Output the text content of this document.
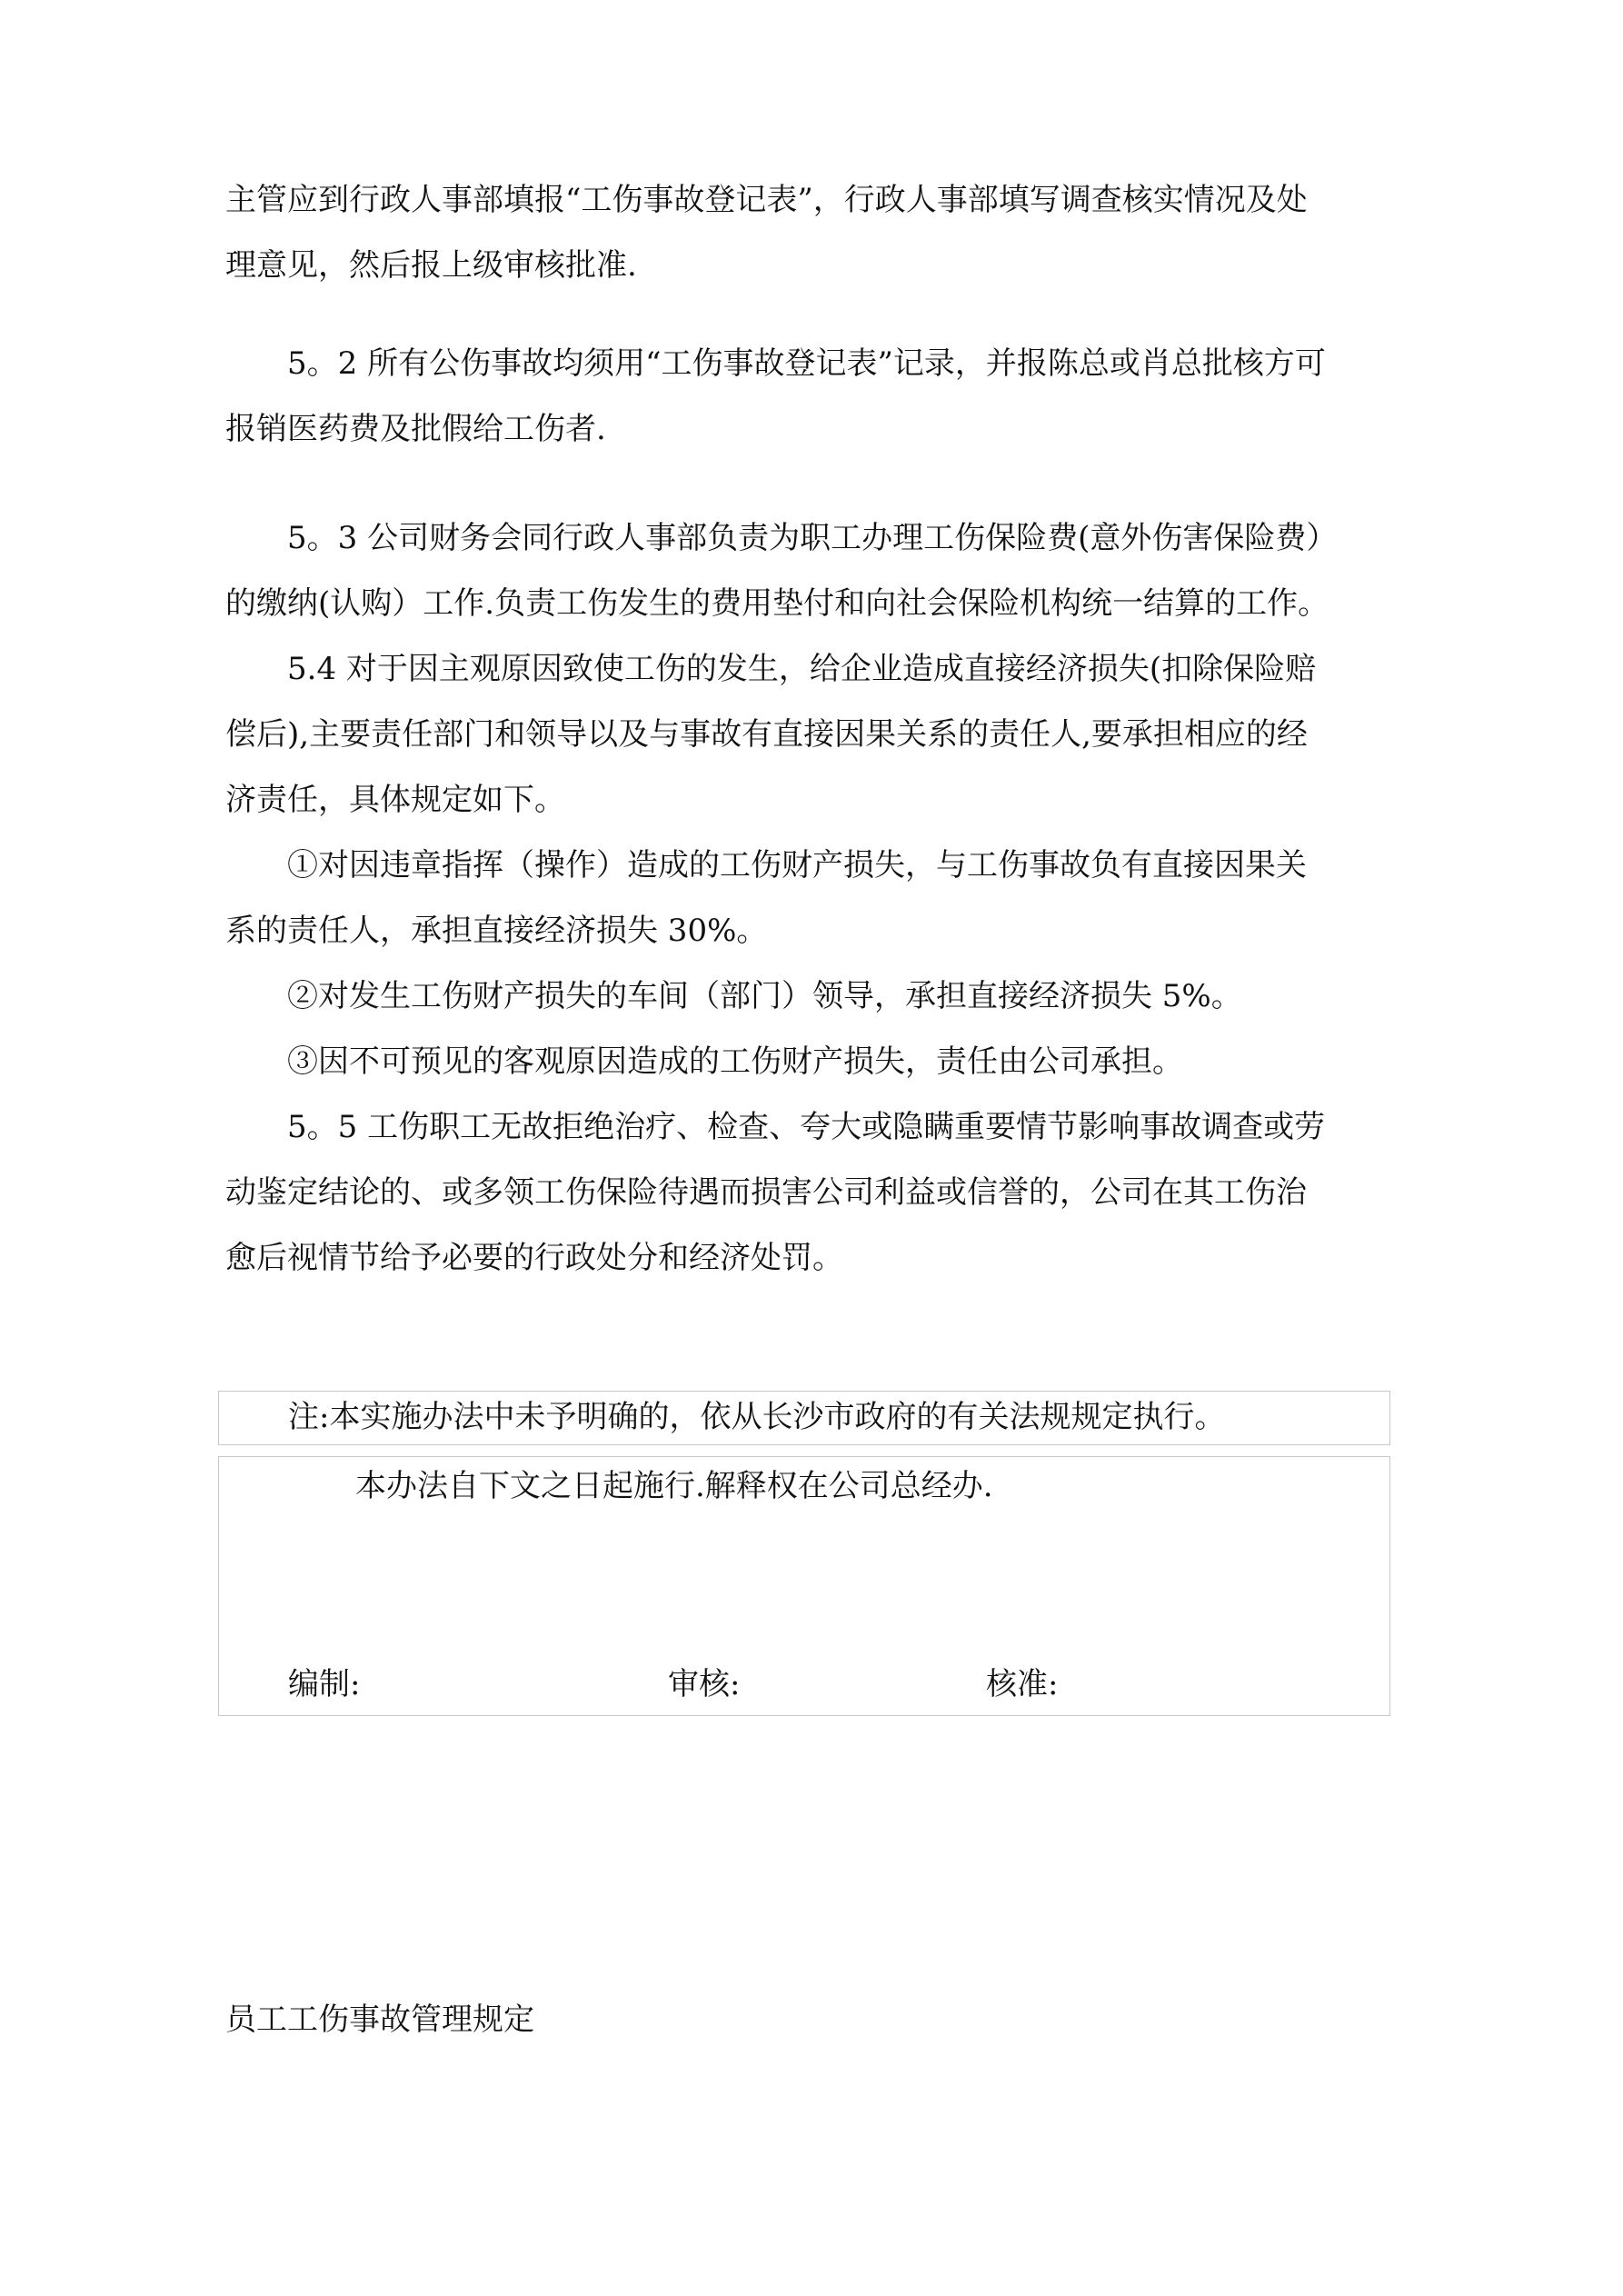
主管应到行政人事部填报“工伤事故登记表”，行政人事部填写调查核实情况及处
理意见，然后报上级审核批准.
5。2 所有公伤事故均须用“工伤事故登记表”记录，并报陈总或肖总批核方可
报销医药费及批假给工伤者.
5。3 公司财务会同行政人事部负责为职工办理工伤保险费(意外伤害保险费）
的缴纳(认购）工作.负责工伤发生的费用垫付和向社会保险机构统一结算的工作。
5.4 对于因主观原因致使工伤的发生，给企业造成直接经济损失(扣除保险赔
偿后),主要责任部门和领导以及与事故有直接因果关系的责任人,要承担相应的经
济责任，具体规定如下。
①对因违章指挥（操作）造成的工伤财产损失，与工伤事故负有直接因果关
系的责任人，承担直接经济损失 30%。
②对发生工伤财产损失的车间（部门）领导，承担直接经济损失 5%。
③因不可预见的客观原因造成的工伤财产损失，责任由公司承担。
5。5 工伤职工无故拒绝治疗、检查、夸大或隐瞒重要情节影响事故调查或劳
动鉴定结论的、或多领工伤保险待遇而损害公司利益或信誉的，公司在其工伤治
愈后视情节给予必要的行政处分和经济处罚。
注:本实施办法中未予明确的，依从长沙市政府的有关法规规定执行。
本办法自下文之日起施行.解释权在公司总经办.
编制:	审核:	核准:
员工工伤事故管理规定
